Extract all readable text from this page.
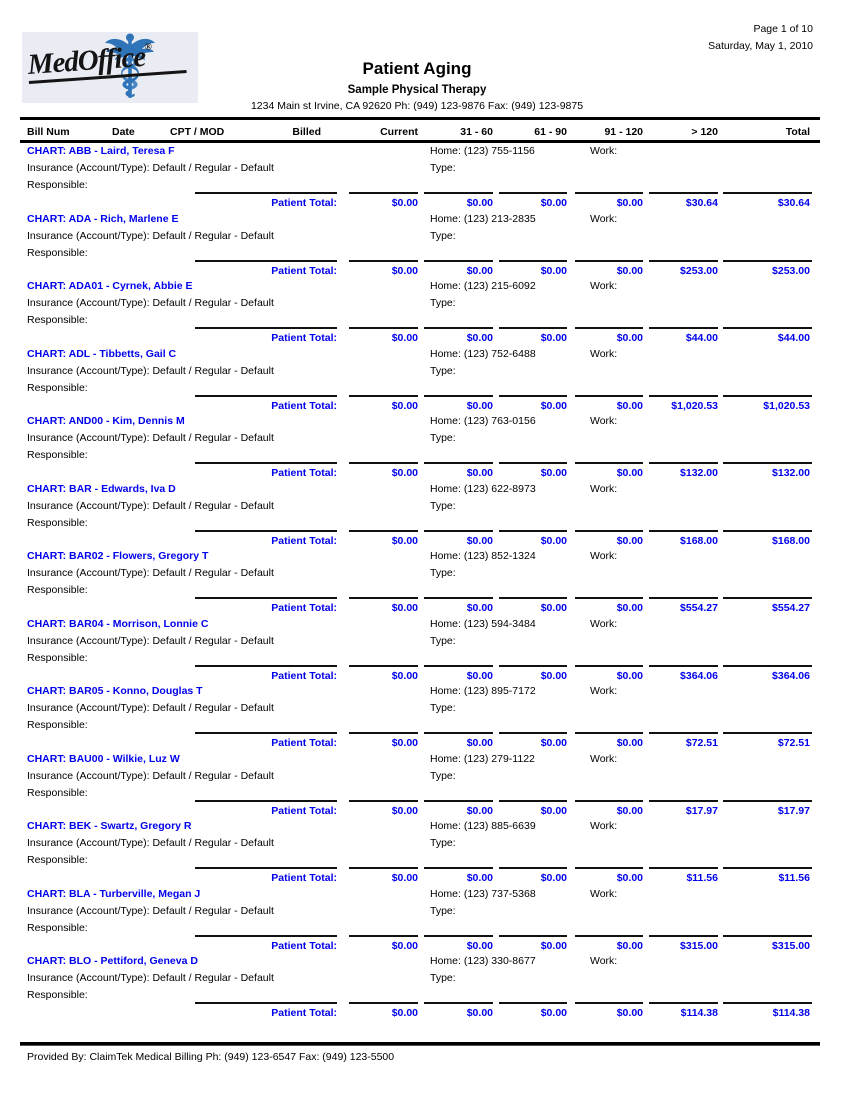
Page 1 of 10
Saturday, May 1, 2010
MedOffice®
Patient Aging
Sample Physical Therapy
1234 Main st Irvine, CA 92620 Ph: (949) 123-9876 Fax: (949) 123-9875
Bill Num	Date	CPT / MOD	Billed	Current	31 - 60	61 - 90	91 - 120	> 120	Total
CHART: ABB - Laird, Teresa F	Home: (123) 755-1156	Work:
Insurance (Account/Type): Default / Regular - Default	Type:
Responsible:
Patient Total:	$0.00	$0.00	$0.00	$0.00	$30.64	$30.64
CHART: ADA - Rich, Marlene E	Home: (123) 213-2835	Work:
Insurance (Account/Type): Default / Regular - Default	Type:
Responsible:
Patient Total:	$0.00	$0.00	$0.00	$0.00	$253.00	$253.00
CHART: ADA01 - Cyrnek, Abbie E	Home: (123) 215-6092	Work:
Insurance (Account/Type): Default / Regular - Default	Type:
Responsible:
Patient Total:	$0.00	$0.00	$0.00	$0.00	$44.00	$44.00
CHART: ADL - Tibbetts, Gail C	Home: (123) 752-6488	Work:
Insurance (Account/Type): Default / Regular - Default	Type:
Responsible:
Patient Total:	$0.00	$0.00	$0.00	$0.00	$1,020.53	$1,020.53
CHART: AND00 - Kim, Dennis M	Home: (123) 763-0156	Work:
Insurance (Account/Type): Default / Regular - Default	Type:
Responsible:
Patient Total:	$0.00	$0.00	$0.00	$0.00	$132.00	$132.00
CHART: BAR - Edwards, Iva D	Home: (123) 622-8973	Work:
Insurance (Account/Type): Default / Regular - Default	Type:
Responsible:
Patient Total:	$0.00	$0.00	$0.00	$0.00	$168.00	$168.00
CHART: BAR02 - Flowers, Gregory T	Home: (123) 852-1324	Work:
Insurance (Account/Type): Default / Regular - Default	Type:
Responsible:
Patient Total:	$0.00	$0.00	$0.00	$0.00	$554.27	$554.27
CHART: BAR04 - Morrison, Lonnie C	Home: (123) 594-3484	Work:
Insurance (Account/Type): Default / Regular - Default	Type:
Responsible:
Patient Total:	$0.00	$0.00	$0.00	$0.00	$364.06	$364.06
CHART: BAR05 - Konno, Douglas T	Home: (123) 895-7172	Work:
Insurance (Account/Type): Default / Regular - Default	Type:
Responsible:
Patient Total:	$0.00	$0.00	$0.00	$0.00	$72.51	$72.51
CHART: BAU00 - Wilkie, Luz W	Home: (123) 279-1122	Work:
Insurance (Account/Type): Default / Regular - Default	Type:
Responsible:
Patient Total:	$0.00	$0.00	$0.00	$0.00	$17.97	$17.97
CHART: BEK - Swartz, Gregory R	Home: (123) 885-6639	Work:
Insurance (Account/Type): Default / Regular - Default	Type:
Responsible:
Patient Total:	$0.00	$0.00	$0.00	$0.00	$11.56	$11.56
CHART: BLA - Turberville, Megan J	Home: (123) 737-5368	Work:
Insurance (Account/Type): Default / Regular - Default	Type:
Responsible:
Patient Total:	$0.00	$0.00	$0.00	$0.00	$315.00	$315.00
CHART: BLO - Pettiford, Geneva D	Home: (123) 330-8677	Work:
Insurance (Account/Type): Default / Regular - Default	Type:
Responsible:
Patient Total:	$0.00	$0.00	$0.00	$0.00	$114.38	$114.38
Provided By: ClaimTek Medical Billing Ph: (949) 123-6547 Fax: (949) 123-5500
